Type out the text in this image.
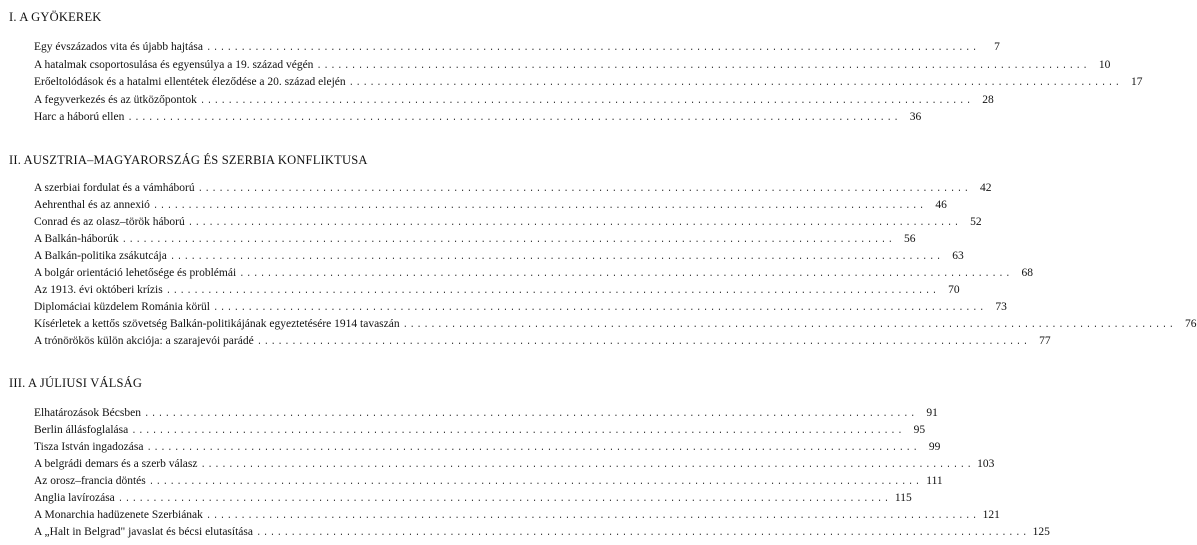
I. A GYÖKEREK
Egy évszázados vita és újabb hajtása ................................................................................................................	7
A hatalmak csoportosulása és egyensúlya a 19. század végén ................................................................................................................ 10
Erőeltolódások és a hatalmi ellentétek éleződése a 20. század elején ................................................................................................................ 17
A fegyverkezés és az ütközőpontok ................................................................................................................ 28
Harc a háború ellen ................................................................................................................ 36
II. AUSZTRIA–MAGYARORSZÁG ÉS SZERBIA KONFLIKTUSA
A szerbiai fordulat és a vámháború ................................................................................................................ 42
Aehrenthal és az annexió ................................................................................................................ 46
Conrad és az olasz–török háború ................................................................................................................ 52
A Balkán-háborúk ................................................................................................................ 56
A Balkán-politika zsákutcája ................................................................................................................ 63
A bolgár orientáció lehetősége és problémái ................................................................................................................ 68
Az 1913. évi októberi krízis ................................................................................................................ 70
Diplomáciai küzdelem Románia körül ................................................................................................................ 73
Kísérletek a kettős szövetség Balkán-politikájának egyeztetésére 1914 tavaszán ................................................................................................................ 76
A trónörökös külön akciója: a szarajevói parádé ................................................................................................................ 77
III. A JÚLIUSI VÁLSÁG
Elhatározások Bécsben ................................................................................................................ 91
Berlin állásfoglalása ................................................................................................................ 95
Tisza István ingadozása ................................................................................................................ 99
A belgrádi demars és a szerb válasz ................................................................................................................ 103
Az orosz–francia döntés ................................................................................................................ 111
Anglia lavírozása ................................................................................................................ 115
A Monarchia hadüzenete Szerbiának ................................................................................................................ 121
A „Halt in Belgrad" javaslat és bécsi elutasítása ................................................................................................................ 125
